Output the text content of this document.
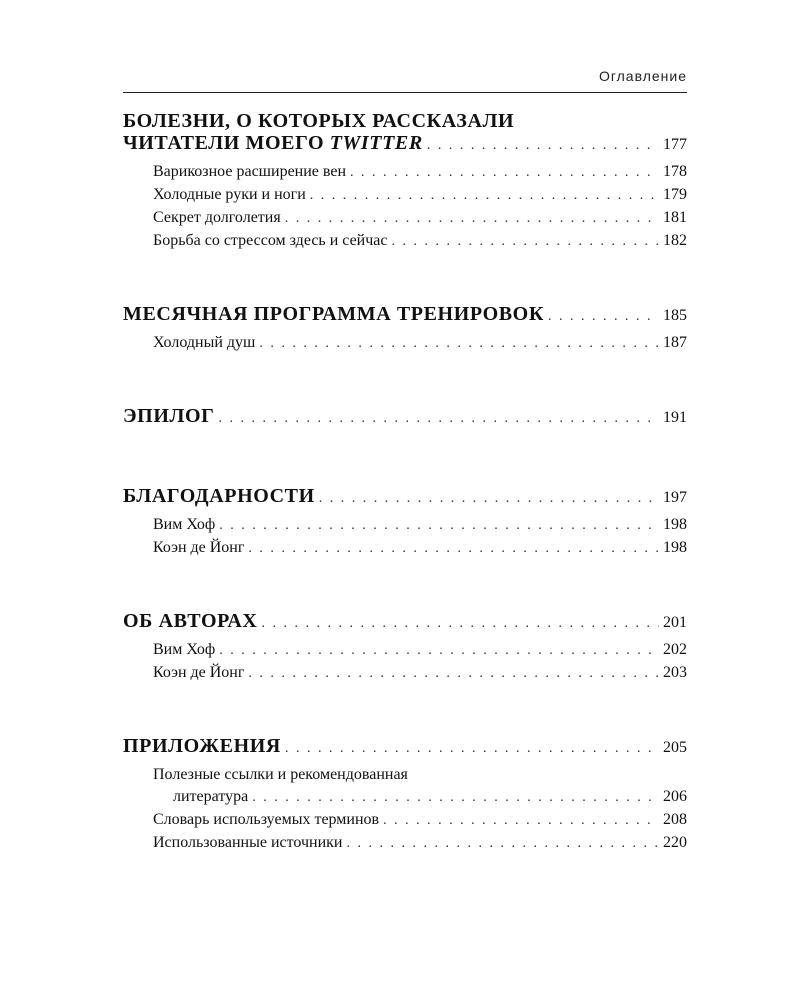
Оглавление
БОЛЕЗНИ, О КОТОРЫХ РАССКАЗАЛИ
ЧИТАТЕЛИ МОЕГО TWITTER . . .	177
Варикозное расширение вен . . .	178
Холодные руки и ноги . . .	179
Секрет долголетия . . .	181
Борьба со стрессом здесь и сейчас . . .	182
МЕСЯЧНАЯ ПРОГРАММА ТРЕНИРОВОК . . .	185
Холодный душ . . .	187
ЭПИЛОГ . . .	191
БЛАГОДАРНОСТИ . . .	197
Вим Хоф . . .	198
Коэн де Йонг . . .	198
ОБ АВТОРАХ . . .	201
Вим Хоф . . .	202
Коэн де Йонг . . .	203
ПРИЛОЖЕНИЯ . . .	205
Полезные ссылки и рекомендованная
литература . . .	206
Словарь используемых терминов . . .	208
Использованные источники . . .	220
